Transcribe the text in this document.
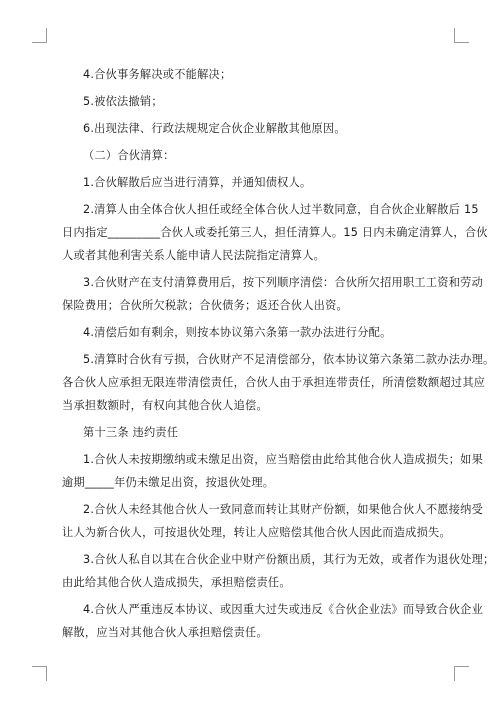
4.合伙事务解决或不能解决；
5.被依法撤销；
6.出现法律、行政法规规定合伙企业解散其他原因。
（二）合伙清算：
1.合伙解散后应当进行清算，并通知债权人。
2.清算人由全体合伙人担任或经全体合伙人过半数同意，自合伙企业解散后 15
日内指定_________合伙人或委托第三人，担任清算人。15 日内未确定清算人，合伙
人或者其他利害关系人能申请人民法院指定清算人。
3.合伙财产在支付清算费用后，按下列顺序清偿：合伙所欠招用职工工资和劳动
保险费用；合伙所欠税款；合伙债务；返还合伙人出资。
4.清偿后如有剩余，则按本协议第六条第一款办法进行分配。
5.清算时合伙有亏损，合伙财产不足清偿部分，依本协议第六条第二款办法办理。
各合伙人应承担无限连带清偿责任，合伙人由于承担连带责任，所清偿数额超过其应
当承担数额时，有权向其他合伙人追偿。
第十三条 违约责任
1.合伙人未按期缴纳或未缴足出资，应当赔偿由此给其他合伙人造成损失；如果
逾期_____年仍未缴足出资，按退伙处理。
2.合伙人未经其他合伙人一致同意而转让其财产份额，如果他合伙人不愿接纳受
让人为新合伙人，可按退伙处理，转让人应赔偿其他合伙人因此而造成损失。
3.合伙人私自以其在合伙企业中财产份额出质，其行为无效，或者作为退伙处理；
由此给其他合伙人造成损失，承担赔偿责任。
4.合伙人严重违反本协议、或因重大过失或违反《合伙企业法》而导致合伙企业
解散，应当对其他合伙人承担赔偿责任。
